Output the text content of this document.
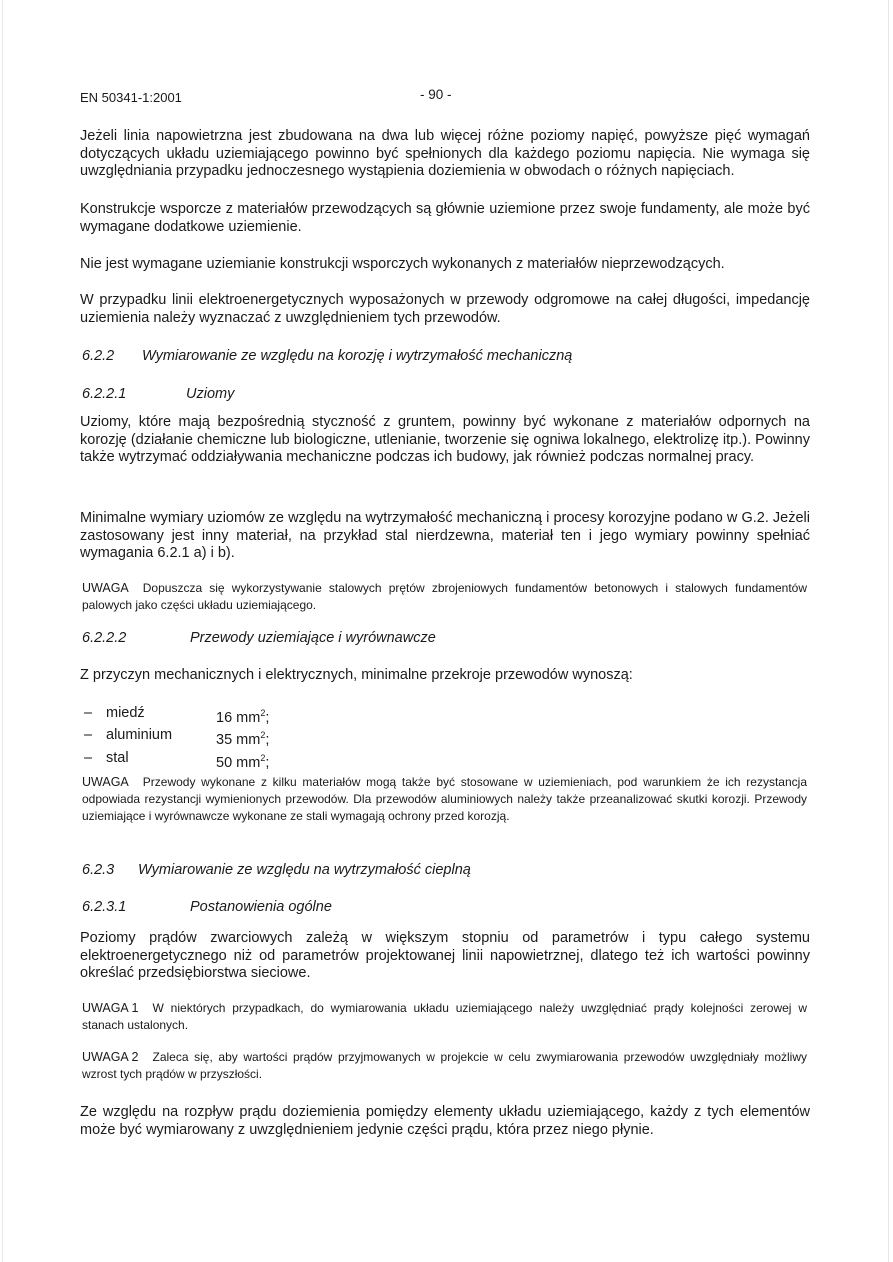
EN 50341-1:2001	- 90 -
Jeżeli linia napowietrzna jest zbudowana na dwa lub więcej różne poziomy napięć, powyższe pięć wymagań dotyczących układu uziemiającego powinno być spełnionych dla każdego poziomu napięcia. Nie wymaga się uwzględniania przypadku jednoczesnego wystąpienia doziemienia w obwodach o różnych napięciach.
Konstrukcje wsporcze z materiałów przewodzących są głównie uziemione przez swoje fundamenty, ale może być wymagane dodatkowe uziemienie.
Nie jest wymagane uziemianie konstrukcji wsporczych wykonanych z materiałów nieprzewodzących.
W przypadku linii elektroenergetycznych wyposażonych w przewody odgromowe na całej długości, impedancję uziemienia należy wyznaczać z uwzględnieniem tych przewodów.
6.2.2 Wymiarowanie ze względu na korozję i wytrzymałość mechaniczną
6.2.2.1	Uziomy
Uziomy, które mają bezpośrednią styczność z gruntem, powinny być wykonane z materiałów odpornych na korozję (działanie chemiczne lub biologiczne, utlenianie, tworzenie się ogniwa lokalnego, elektrolizę itp.). Powinny także wytrzymać oddziaływania mechaniczne podczas ich budowy, jak również podczas normalnej pracy.
Minimalne wymiary uziomów ze względu na wytrzymałość mechaniczną i procesy korozyjne podano w G.2. Jeżeli zastosowany jest inny materiał, na przykład stal nierdzewna, materiał ten i jego wymiary powinny spełniać wymagania 6.2.1 a) i b).
UWAGA Dopuszcza się wykorzystywanie stalowych prętów zbrojeniowych fundamentów betonowych i stalowych fundamentów palowych jako części układu uziemiającego.
6.2.2.2	Przewody uziemiające i wyrównawcze
Z przyczyn mechanicznych i elektrycznych, minimalne przekroje przewodów wynoszą:
– miedź	16 $mm^2$;
– aluminium	35 $mm^2$;
– stal	50 $mm^2$;
UWAGA Przewody wykonane z kilku materiałów mogą także być stosowane w uziemieniach, pod warunkiem że ich rezystancja odpowiada rezystancji wymienionych przewodów. Dla przewodów aluminiowych należy także przeanalizować skutki korozji. Przewody uziemiające i wyrównawcze wykonane ze stali wymagają ochrony przed korozją.
6.2.3 Wymiarowanie ze względu na wytrzymałość cieplną
6.2.3.1	Postanowienia ogólne
Poziomy prądów zwarciowych zależą w większym stopniu od parametrów i typu całego systemu elektroenergetycznego niż od parametrów projektowanej linii napowietrznej, dlatego też ich wartości powinny określać przedsiębiorstwa sieciowe.
UWAGA 1 W niektórych przypadkach, do wymiarowania układu uziemiającego należy uwzględniać prądy kolejności zerowej w stanach ustalonych.
UWAGA 2 Zaleca się, aby wartości prądów przyjmowanych w projekcie w celu zwymiarowania przewodów uwzględniały możliwy wzrost tych prądów w przyszłości.
Ze względu na rozpływ prądu doziemienia pomiędzy elementy układu uziemiającego, każdy z tych elementów może być wymiarowany z uwzględnieniem jedynie części prądu, która przez niego płynie.
